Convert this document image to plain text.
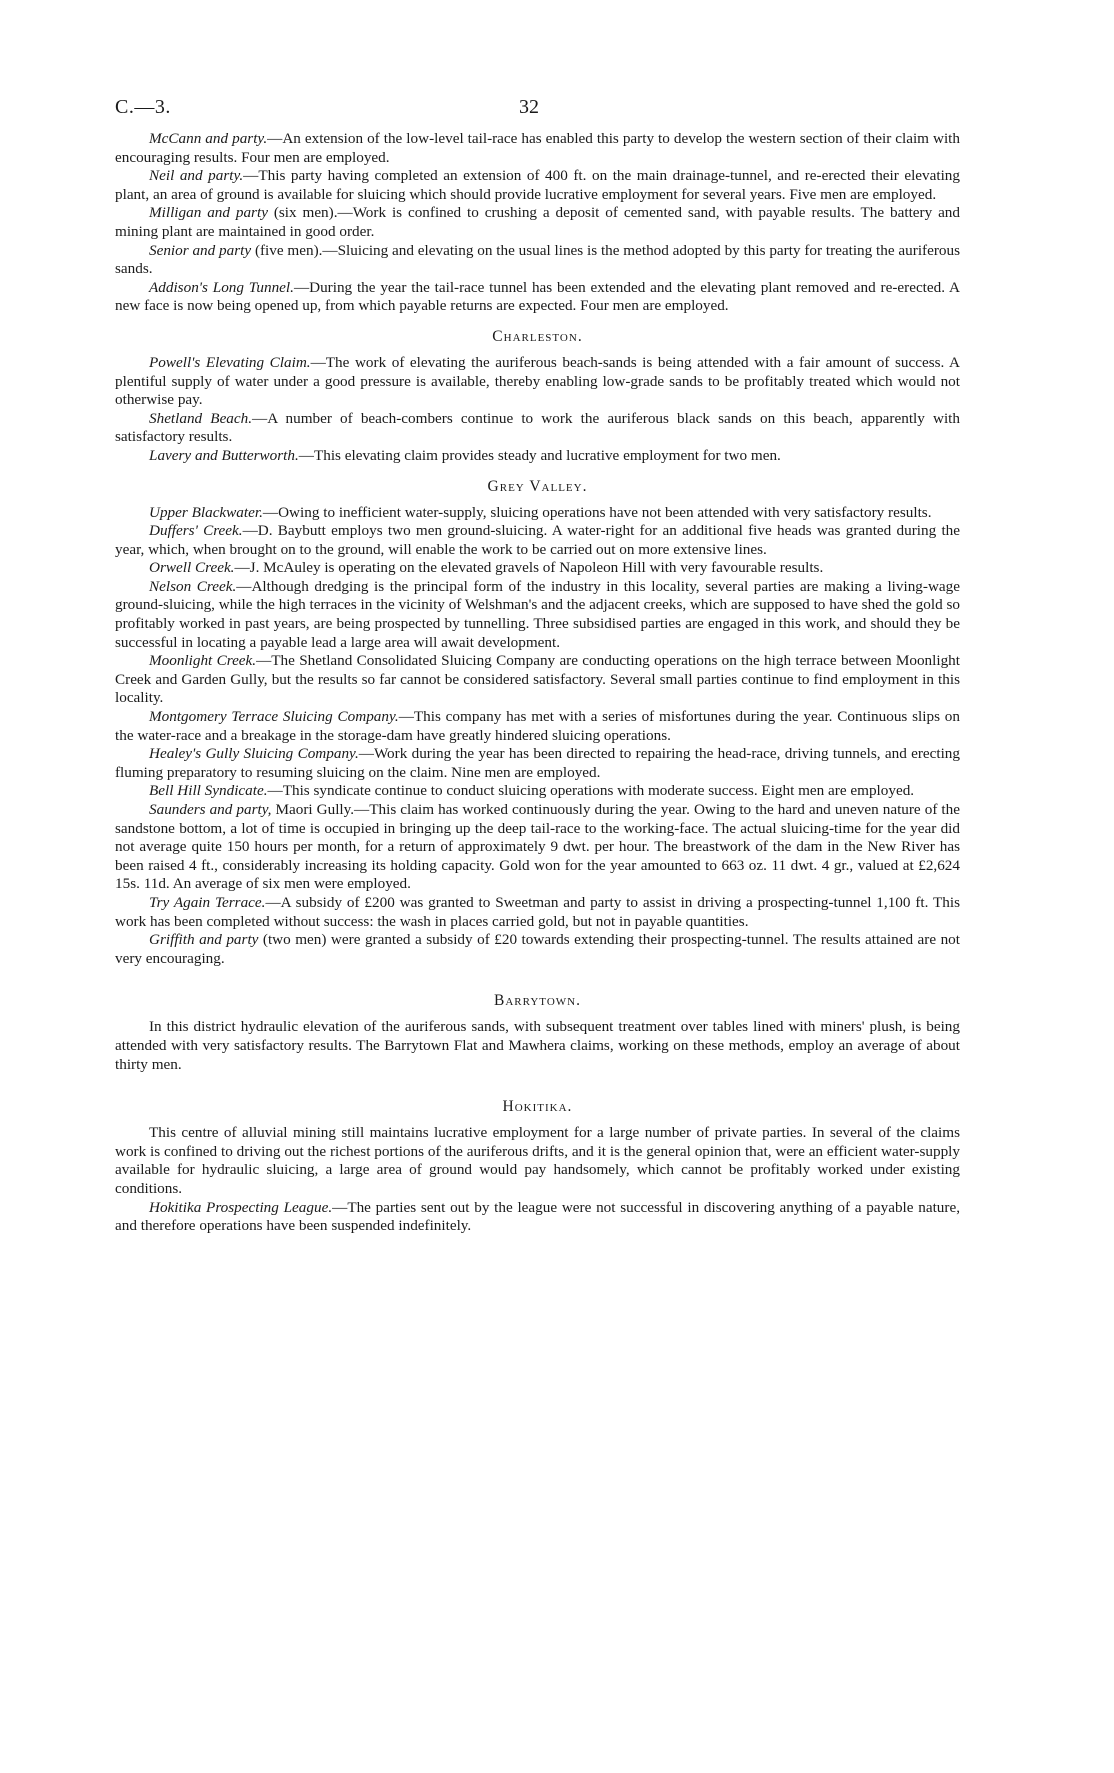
C.—3.	32

McCann and party.—An extension of the low-level tail-race has enabled this party to develop the western section of their claim with encouraging results. Four men are employed.

Neil and party.—This party having completed an extension of 400 ft. on the main drainage-tunnel, and re-erected their elevating plant, an area of ground is available for sluicing which should provide lucrative employment for several years. Five men are employed.

Milligan and party (six men).—Work is confined to crushing a deposit of cemented sand, with payable results. The battery and mining plant are maintained in good order.

Senior and party (five men).—Sluicing and elevating on the usual lines is the method adopted by this party for treating the auriferous sands.

Addison's Long Tunnel.—During the year the tail-race tunnel has been extended and the elevating plant removed and re-erected. A new face is now being opened up, from which payable returns are expected. Four men are employed.

Charleston.

Powell's Elevating Claim.—The work of elevating the auriferous beach-sands is being attended with a fair amount of success. A plentiful supply of water under a good pressure is available, thereby enabling low-grade sands to be profitably treated which would not otherwise pay.

Shetland Beach.—A number of beach-combers continue to work the auriferous black sands on this beach, apparently with satisfactory results.

Lavery and Butterworth.—This elevating claim provides steady and lucrative employment for two men.

Grey Valley.

Upper Blackwater.—Owing to inefficient water-supply, sluicing operations have not been attended with very satisfactory results.

Duffers' Creek.—D. Baybutt employs two men ground-sluicing. A water-right for an additional five heads was granted during the year, which, when brought on to the ground, will enable the work to be carried out on more extensive lines.

Orwell Creek.—J. McAuley is operating on the elevated gravels of Napoleon Hill with very favourable results.

Nelson Creek.—Although dredging is the principal form of the industry in this locality, several parties are making a living-wage ground-sluicing, while the high terraces in the vicinity of Welshman's and the adjacent creeks, which are supposed to have shed the gold so profitably worked in past years, are being prospected by tunnelling. Three subsidised parties are engaged in this work, and should they be successful in locating a payable lead a large area will await development.

Moonlight Creek.—The Shetland Consolidated Sluicing Company are conducting operations on the high terrace between Moonlight Creek and Garden Gully, but the results so far cannot be considered satisfactory. Several small parties continue to find employment in this locality.

Montgomery Terrace Sluicing Company.—This company has met with a series of misfortunes during the year. Continuous slips on the water-race and a breakage in the storage-dam have greatly hindered sluicing operations.

Healey's Gully Sluicing Company.—Work during the year has been directed to repairing the head-race, driving tunnels, and erecting fluming preparatory to resuming sluicing on the claim. Nine men are employed.

Bell Hill Syndicate.—This syndicate continue to conduct sluicing operations with moderate success. Eight men are employed.

Saunders and party, Maori Gully.—This claim has worked continuously during the year. Owing to the hard and uneven nature of the sandstone bottom, a lot of time is occupied in bringing up the deep tail-race to the working-face. The actual sluicing-time for the year did not average quite 150 hours per month, for a return of approximately 9 dwt. per hour. The breastwork of the dam in the New River has been raised 4 ft., considerably increasing its holding capacity. Gold won for the year amounted to 663 oz. 11 dwt. 4 gr., valued at £2,624 15s. 11d. An average of six men were employed.

Try Again Terrace.—A subsidy of £200 was granted to Sweetman and party to assist in driving a prospecting-tunnel 1,100 ft. This work has been completed without success: the wash in places carried gold, but not in payable quantities.

Griffith and party (two men) were granted a subsidy of £20 towards extending their prospecting-tunnel. The results attained are not very encouraging.

Barrytown.

In this district hydraulic elevation of the auriferous sands, with subsequent treatment over tables lined with miners' plush, is being attended with very satisfactory results. The Barrytown Flat and Mawhera claims, working on these methods, employ an average of about thirty men.

Hokitika.

This centre of alluvial mining still maintains lucrative employment for a large number of private parties. In several of the claims work is confined to driving out the richest portions of the auriferous drifts, and it is the general opinion that, were an efficient water-supply available for hydraulic sluicing, a large area of ground would pay handsomely, which cannot be profitably worked under existing conditions.

Hokitika Prospecting League.—The parties sent out by the league were not successful in discovering anything of a payable nature, and therefore operations have been suspended indefinitely.
